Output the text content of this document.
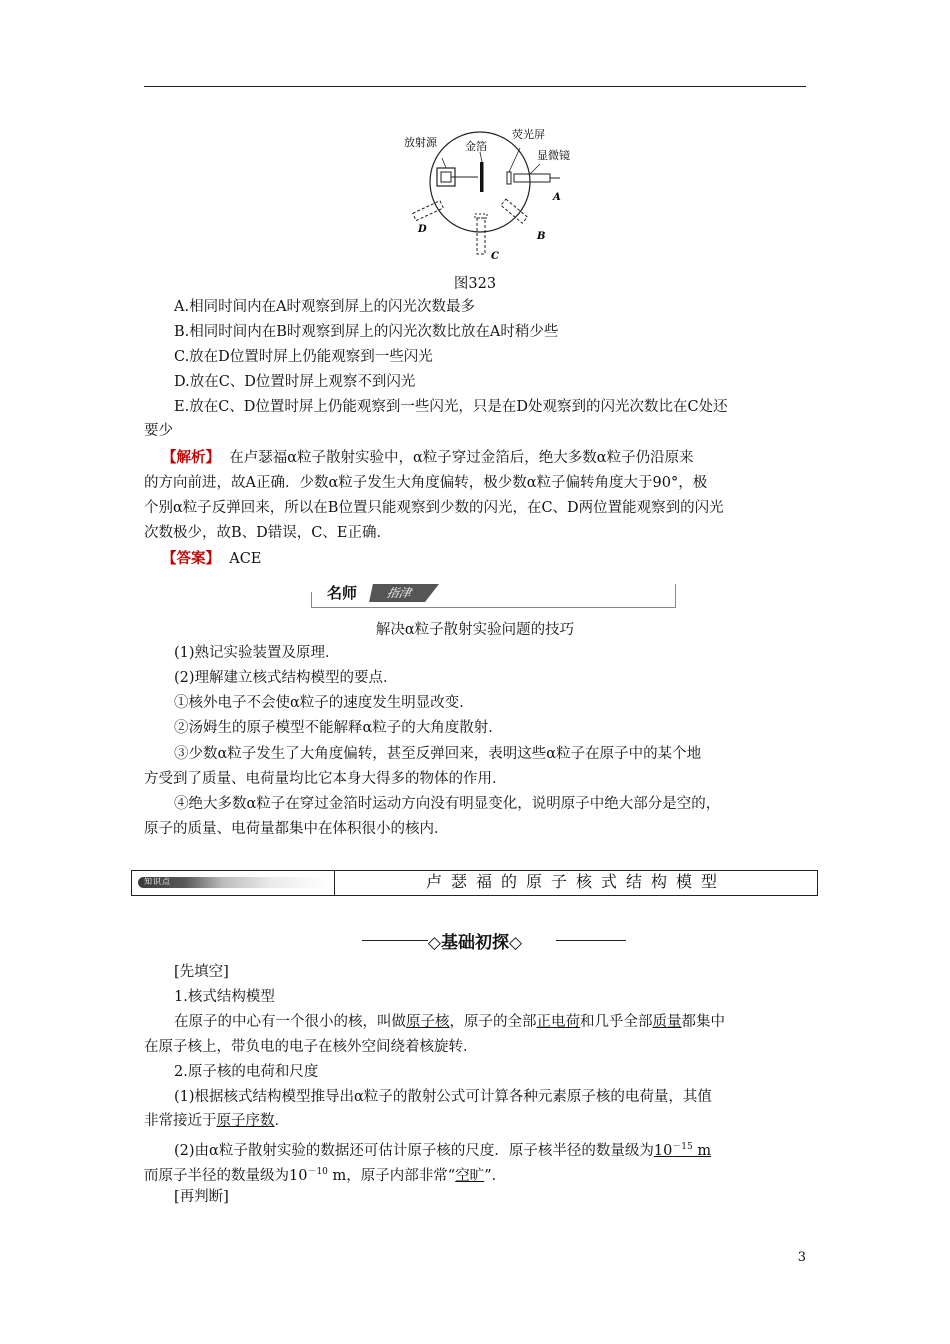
放射源	金箔
荧光屏
显微镜
A
B
C
D
图323
A.相同时间内在A时观察到屏上的闪光次数最多
B.相同时间内在B时观察到屏上的闪光次数比放在A时稍少些
C.放在D位置时屏上仍能观察到一些闪光
D.放在C、D位置时屏上观察不到闪光
E.放在C、D位置时屏上仍能观察到一些闪光，只是在D处观察到的闪光次数比在C处还
要少
【解析】 在卢瑟福α粒子散射实验中，α粒子穿过金箔后，绝大多数α粒子仍沿原来
的方向前进，故A正确．少数α粒子发生大角度偏转，极少数α粒子偏转角度大于90°，极
个别α粒子反弹回来，所以在B位置只能观察到少数的闪光，在C、D两位置能观察到的闪光
次数极少，故B、D错误，C、E正确．
【答案】 ACE
名师	指津
解决α粒子散射实验问题的技巧
(1)熟记实验装置及原理．
(2)理解建立核式结构模型的要点．
①核外电子不会使α粒子的速度发生明显改变．
②汤姆生的原子模型不能解释α粒子的大角度散射．
③少数α粒子发生了大角度偏转，甚至反弹回来，表明这些α粒子在原子中的某个地
方受到了质量、电荷量均比它本身大得多的物体的作用．
④绝大多数α粒子在穿过金箔时运动方向没有明显变化，说明原子中绝大部分是空的，
原子的质量、电荷量都集中在体积很小的核内．
知识点	卢瑟福的原子核式结构模型
◇基础初探◇
[先填空]
1.核式结构模型
在原子的中心有一个很小的核，叫做原子核，原子的全部正电荷和几乎全部质量都集中
在原子核上，带负电的电子在核外空间绕着核旋转．
2.原子核的电荷和尺度
(1)根据核式结构模型推导出α粒子的散射公式可计算各种元素原子核的电荷量，其值
非常接近于原子序数．
(2)由α粒子散射实验的数据还可估计原子核的尺度．原子核半径的数量级为$10^{-15}$ m
而原子半径的数量级为$10^{-10}$ m，原子内部非常“空旷”．
[再判断]
3
